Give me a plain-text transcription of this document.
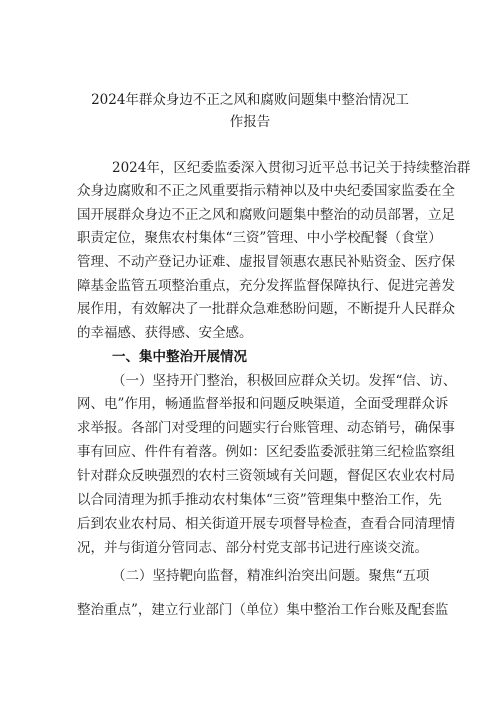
2024年群众身边不正之风和腐败问题集中整治情况工
作报告
2024年，区纪委监委深入贯彻习近平总书记关于持续整治群
众身边腐败和不正之风重要指示精神以及中央纪委国家监委在全
国开展群众身边不正之风和腐败问题集中整治的动员部署，立足
职责定位，聚焦农村集体“三资”管理、中小学校配餐（食堂）
管理、不动产登记办证难、虚报冒领惠农惠民补贴资金、医疗保
障基金监管五项整治重点，充分发挥监督保障执行、促进完善发
展作用，有效解决了一批群众急难愁盼问题，不断提升人民群众
的幸福感、获得感、安全感。
一、集中整治开展情况
（一）坚持开门整治，积极回应群众关切。发挥“信、访、
网、电”作用，畅通监督举报和问题反映渠道，全面受理群众诉
求举报。各部门对受理的问题实行台账管理、动态销号，确保事
事有回应、件件有着落。例如：区纪委监委派驻第三纪检监察组
针对群众反映强烈的农村三资领域有关问题，督促区农业农村局
以合同清理为抓手推动农村集体“三资”管理集中整治工作，先
后到农业农村局、相关街道开展专项督导检查，查看合同清理情
况，并与街道分管同志、部分村党支部书记进行座谈交流。
（二）坚持靶向监督，精准纠治突出问题。聚焦“五项
整治重点”，建立行业部门（单位）集中整治工作台账及配套监
